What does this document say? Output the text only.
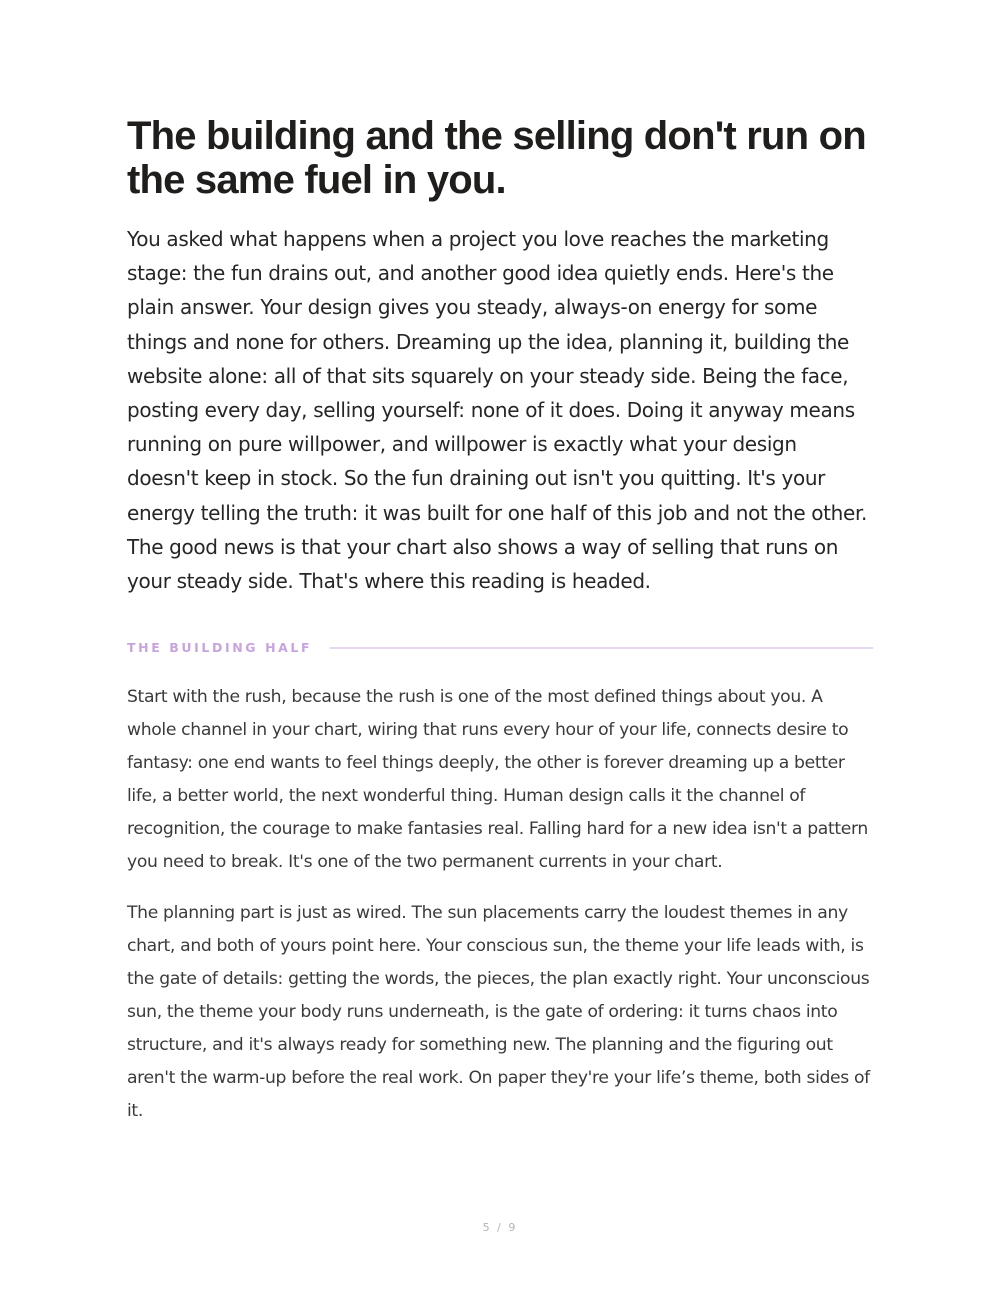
The building and the selling don't run on the same fuel in you.

You asked what happens when a project you love reaches the marketing stage: the fun drains out, and another good idea quietly ends. Here's the plain answer. Your design gives you steady, always-on energy for some things and none for others. Dreaming up the idea, planning it, building the website alone: all of that sits squarely on your steady side. Being the face, posting every day, selling yourself: none of it does. Doing it anyway means running on pure willpower, and willpower is exactly what your design doesn't keep in stock. So the fun draining out isn't you quitting. It's your energy telling the truth: it was built for one half of this job and not the other. The good news is that your chart also shows a way of selling that runs on your steady side. That's where this reading is headed.

THE BUILDING HALF

Start with the rush, because the rush is one of the most defined things about you. A whole channel in your chart, wiring that runs every hour of your life, connects desire to fantasy: one end wants to feel things deeply, the other is forever dreaming up a better life, a better world, the next wonderful thing. Human design calls it the channel of recognition, the courage to make fantasies real. Falling hard for a new idea isn't a pattern you need to break. It's one of the two permanent currents in your chart.

The planning part is just as wired. The sun placements carry the loudest themes in any chart, and both of yours point here. Your conscious sun, the theme your life leads with, is the gate of details: getting the words, the pieces, the plan exactly right. Your unconscious sun, the theme your body runs underneath, is the gate of ordering: it turns chaos into structure, and it's always ready for something new. The planning and the figuring out aren't the warm-up before the real work. On paper they're your life’s theme, both sides of it.

5 / 9
